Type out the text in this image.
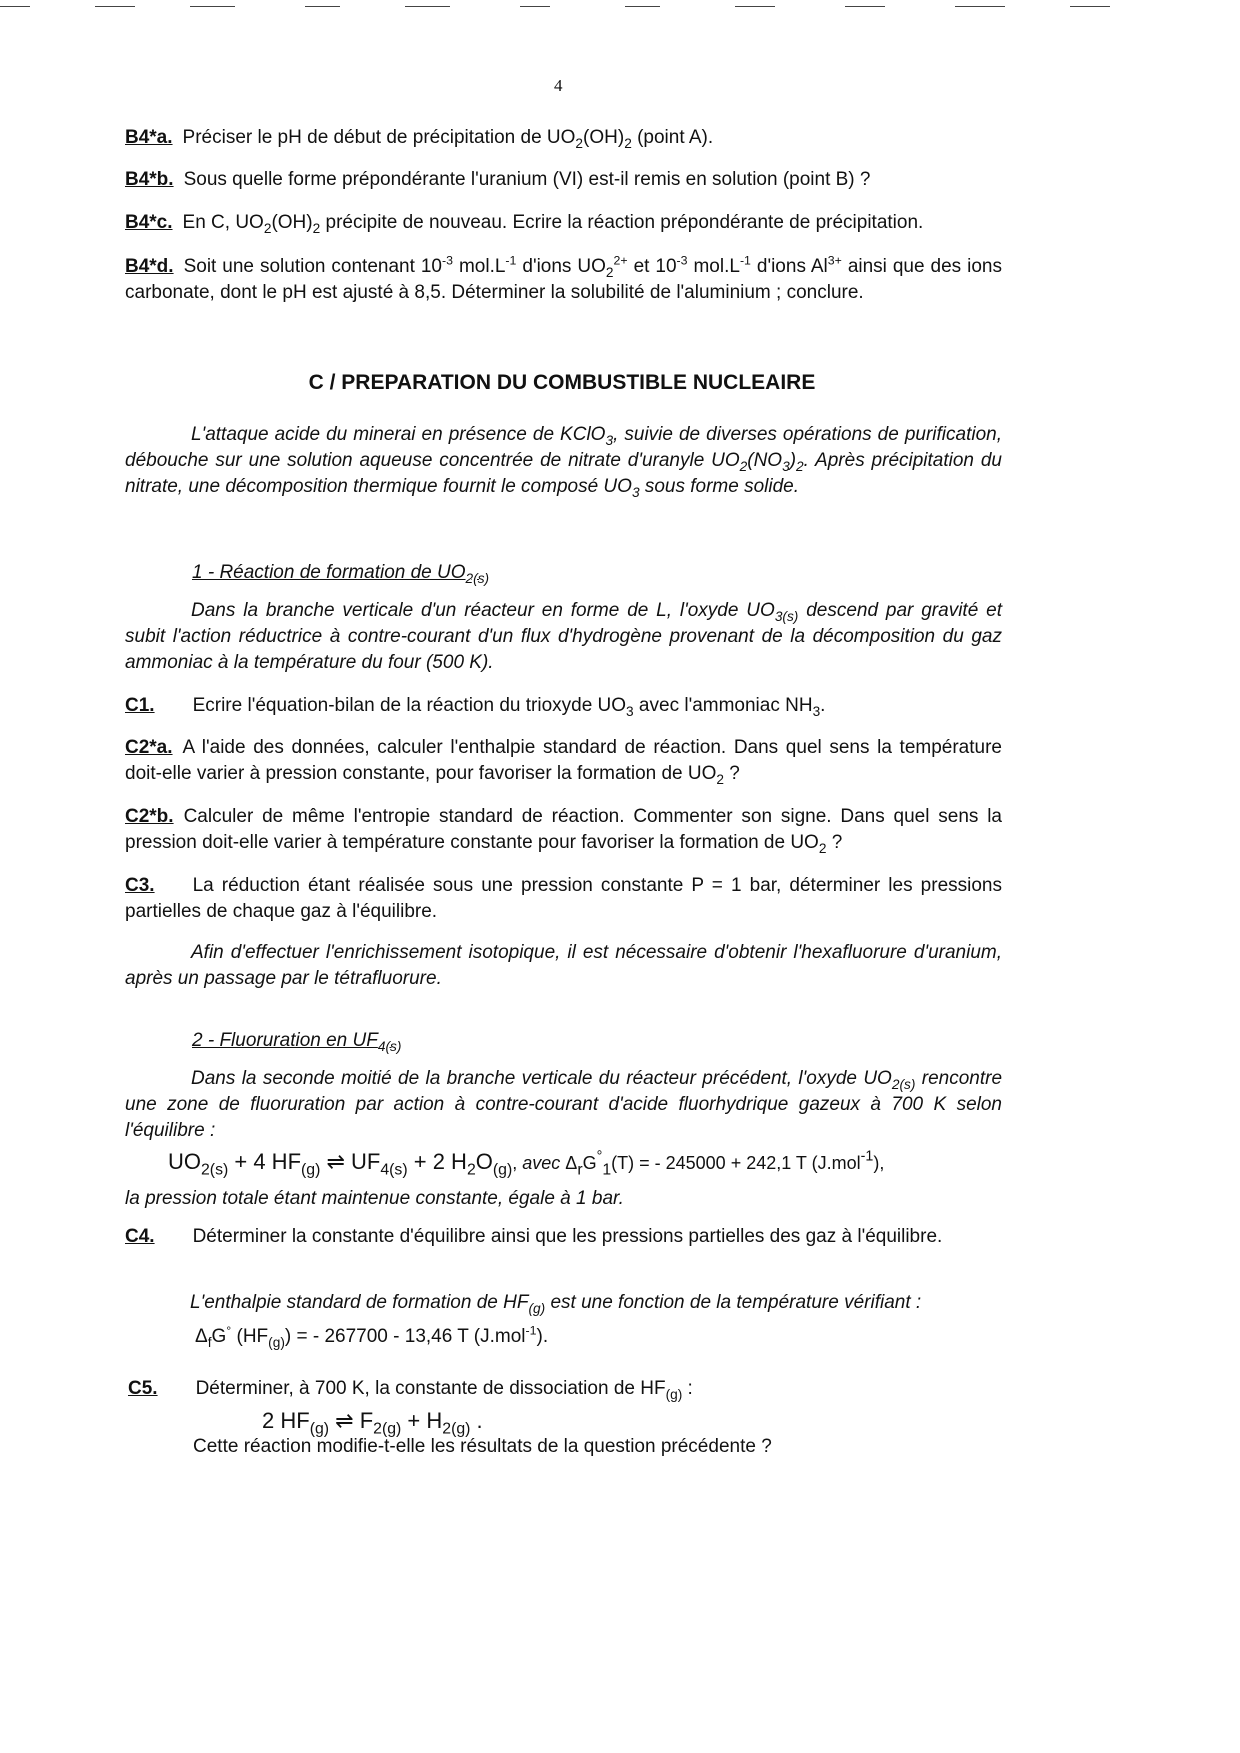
4
B4*a. Préciser le pH de début de précipitation de $UO_2(OH)_2$ (point A).
B4*b. Sous quelle forme prépondérante l'uranium (VI) est-il remis en solution (point B) ?
B4*c. En C, $UO_2(OH)_2$ précipite de nouveau. Ecrire la réaction prépondérante de précipitation.
B4*d. Soit une solution contenant $10^{-3}$ $mol.L^{-1}$ d'ions $UO_2^{2+}$ et $10^{-3}$ $mol.L^{-1}$ d'ions $Al^{3+}$ ainsi que des ions carbonate, dont le pH est ajusté à 8,5. Déterminer la solubilité de l'aluminium ; conclure.
C / PREPARATION DU COMBUSTIBLE NUCLEAIRE
L'attaque acide du minerai en présence de KClO$_3$, suivie de diverses opérations de purification, débouche sur une solution aqueuse concentrée de nitrate d'uranyle $UO_2(NO_3)_2$. Après précipitation du nitrate, une décomposition thermique fournit le composé $UO_3$ sous forme solide.
1 - Réaction de formation de $UO_{2(s)}$
Dans la branche verticale d'un réacteur en forme de L, l'oxyde $UO_{3(s)}$ descend par gravité et subit l'action réductrice à contre-courant d'un flux d'hydrogène provenant de la décomposition du gaz ammoniac à la température du four (500 K).
C1. Ecrire l'équation-bilan de la réaction du trioxyde $UO_3$ avec l'ammoniac $NH_3$.
C2*a. A l'aide des données, calculer l'enthalpie standard de réaction. Dans quel sens la température doit-elle varier à pression constante, pour favoriser la formation de $UO_2$ ?
C2*b. Calculer de même l'entropie standard de réaction. Commenter son signe. Dans quel sens la pression doit-elle varier à température constante pour favoriser la formation de $UO_2$ ?
C3. La réduction étant réalisée sous une pression constante P = 1 bar, déterminer les pressions partielles de chaque gaz à l'équilibre.
Afin d'effectuer l'enrichissement isotopique, il est nécessaire d'obtenir l'hexafluorure d'uranium, après un passage par le tétrafluorure.
2 - Fluoruration en $UF_{4(s)}$
Dans la seconde moitié de la branche verticale du réacteur précédent, l'oxyde $UO_{2(s)}$ rencontre une zone de fluoruration par action à contre-courant d'acide fluorhydrique gazeux à 700 K selon l'équilibre :
$UO_{2(s)} + 4$ $HF_{(g)}$ ⇌ $UF_{4(s)} + 2$ $H_2O_{(g)}$, avec $\Delta_rG^\circ_1(T)$ = - 245000 + 242,1 T (J.mol$^{-1}$),
la pression totale étant maintenue constante, égale à 1 bar.
C4. Déterminer la constante d'équilibre ainsi que les pressions partielles des gaz à l'équilibre.
L'enthalpie standard de formation de $HF_{(g)}$ est une fonction de la température vérifiant :
$\Delta_fG^\circ$ $(HF_{(g)})$ = - 267700 - 13,46 T (J.mol$^{-1}$).
C5. Déterminer, à 700 K, la constante de dissociation de $HF_{(g)}$ :
2 $HF_{(g)}$ ⇌ $F_{2(g)} + H_{2(g)}$ .
Cette réaction modifie-t-elle les résultats de la question précédente ?
